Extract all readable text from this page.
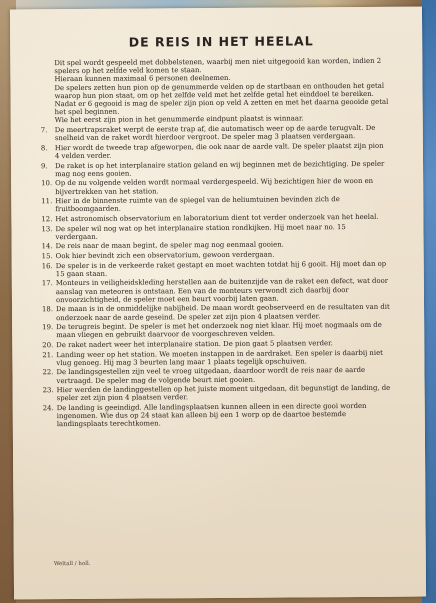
DE REIS IN HET HEELAL

Dit spel wordt gespeeld met dobbelstenen, waarbij men niet uitgegooid kan worden, indien 2 spelers op het zelfde veld komen te staan.

Hieraan kunnen maximaal 6 personen deelnemen.

De spelers zetten hun pion op de genummerde velden op de startbaan en onthouden het getal waarop hun pion staat, om op het zelfde veld met het zelfde getal het einddoel te bereiken.

Nadat er 6 gegooid is mag de speler zijn pion op veld A zetten en met het daarna geooide getal het spel beginnen.

Wie het eerst zijn pion in het genummerde eindpunt plaatst is winnaar.

7.	De meertrapsraket werpt de eerste trap af, die automatisch weer op de aarde terugvalt. De snelheid van de raket wordt hierdoor vergroot. De speler mag 3 plaatsen verdergaan.
8.	Hier wordt de tweede trap afgeworpen, die ook naar de aarde valt. De speler plaatst zijn pion 4 velden verder.
9.	De raket is op het interplanaire station geland en wij beginnen met de bezichtiging. De speler mag nog eens gooien.
10. Op de nu volgende velden wordt normaal verdergespeeld. Wij bezichtigen hier de woon en bijvertrekken van het station.
11. Hier in de binnenste ruimte van de spiegel van de heliumtuinen bevinden zich de fruitboomgaarden.
12. Het astronomisch observatorium en laboratorium dient tot verder onderzoek van het heelal.
13. De speler wil nog wat op het interplanaire station rondkijken. Hij moet naar no. 15 verdergaan.
14. De reis naar de maan begint, de speler mag nog eenmaal gooien.
15. Ook hier bevindt zich een observatorium, gewoon verdergaan.
16. De speler is in de verkeerde raket gestapt en moet wachten totdat hij 6 gooit. Hij moet dan op 15 gaan staan.
17. Monteurs in veiligheidskleding herstellen aan de buitenzijde van de raket een defect, wat door aanslag van meteoren is ontstaan. Een van de monteurs verwondt zich daarbij door onvoorzichtigheid, de speler moet een beurt voorbij laten gaan.
18. De maan is in de onmiddelijke nabijheid. De maan wordt geobserveerd en de resultaten van dit onderzoek naar de aarde geseind. De speler zet zijn pion 4 plaatsen verder.
19. De terugreis begint. De speler is met het onderzoek nog niet klaar. Hij moet nogmaals om de maan vliegen en gebruikt daarvoor de voorgeschreven velden.
20. De raket nadert weer het interplanaire station. De pion gaat 5 plaatsen verder.
21. Landing weer op het station. We moeten instappen in de aardraket. Een speler is daarbij niet vlug genoeg. Hij mag 3 beurten lang maar 1 plaats tegelijk opschuiven.
22. De landingsgestellen zijn veel te vroeg uitgedaan, daardoor wordt de reis naar de aarde vertraagd. De speler mag de volgende beurt niet gooien.
23. Hier werden de landinggestellen op het juiste moment uitgedaan, dit begunstigt de landing, de speler zet zijn pion 4 plaatsen verder.
24. De landing is geeindigd. Alle landingsplaatsen kunnen alleen in een directe gooi worden ingenomen. Wie dus op 24 staat kan alleen bij een 1 worp op de daartoe bestemde landingsplaats terechtkomen.
Weltall / holl.
